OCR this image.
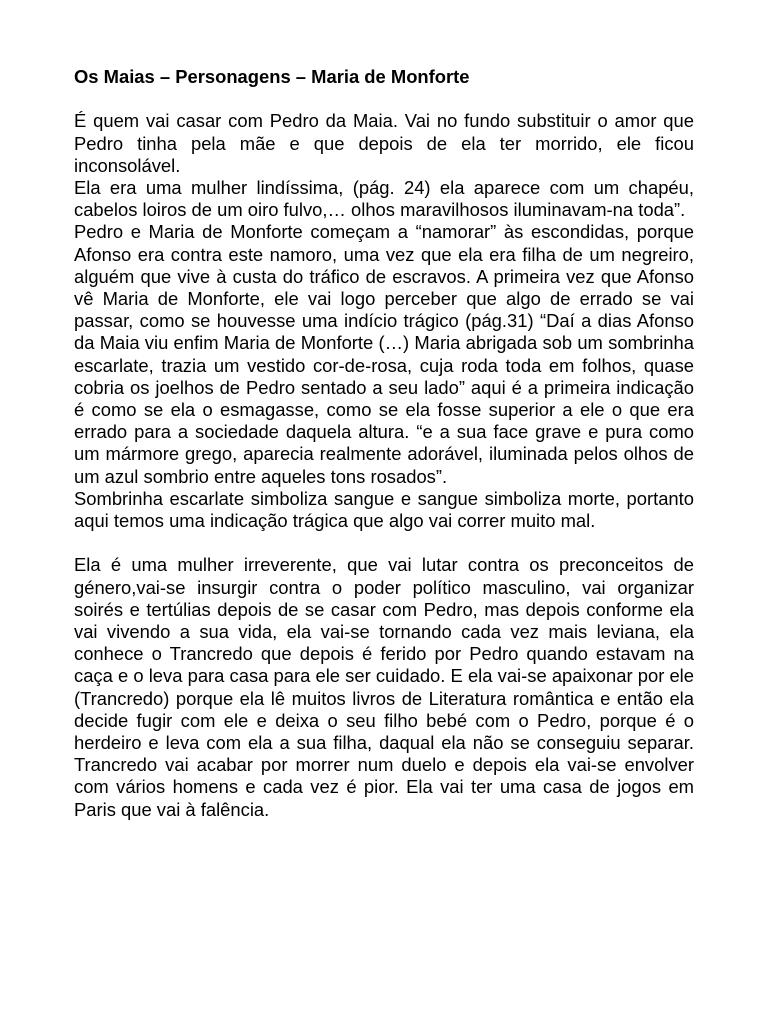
Os Maias – Personagens – Maria de Monforte

É quem vai casar com Pedro da Maia. Vai no fundo substituir o amor que Pedro tinha pela mãe e que depois de ela ter morrido, ele ficou inconsolável.

Ela era uma mulher lindíssima, (pág. 24) ela aparece com um chapéu, cabelos loiros de um oiro fulvo,… olhos maravilhosos iluminavam-na toda”.

Pedro e Maria de Monforte começam a “namorar” às escondidas, porque Afonso era contra este namoro, uma vez que ela era filha de um negreiro, alguém que vive à custa do tráfico de escravos. A primeira vez que Afonso vê Maria de Monforte, ele vai logo perceber que algo de errado se vai passar, como se houvesse uma indício trágico (pág.31) “Daí a dias Afonso da Maia viu enfim Maria de Monforte (…) Maria abrigada sob um sombrinha escarlate, trazia um vestido cor-de-rosa, cuja roda toda em folhos, quase cobria os joelhos de Pedro sentado a seu lado” aqui é a primeira indicação é como se ela o esmagasse, como se ela fosse superior a ele o que era errado para a sociedade daquela altura. “e a sua face grave e pura como um mármore grego, aparecia realmente adorável, iluminada pelos olhos de um azul sombrio entre aqueles tons rosados”.

Sombrinha escarlate simboliza sangue e sangue simboliza morte, portanto aqui temos uma indicação trágica que algo vai correr muito mal.

Ela é uma mulher irreverente, que vai lutar contra os preconceitos de género,vai-se insurgir contra o poder político masculino, vai organizar soirés e tertúlias depois de se casar com Pedro, mas depois conforme ela vai vivendo a sua vida, ela vai-se tornando cada vez mais leviana, ela conhece o Trancredo que depois é ferido por Pedro quando estavam na caça e o leva para casa para ele ser cuidado. E ela vai-se apaixonar por ele (Trancredo) porque ela lê muitos livros de Literatura romântica e então ela decide fugir com ele e deixa o seu filho bebé com o Pedro, porque é o herdeiro e leva com ela a sua filha, daqual ela não se conseguiu separar. Trancredo vai acabar por morrer num duelo e depois ela vai-se envolver com vários homens e cada vez é pior. Ela vai ter uma casa de jogos em Paris que vai à falência.
